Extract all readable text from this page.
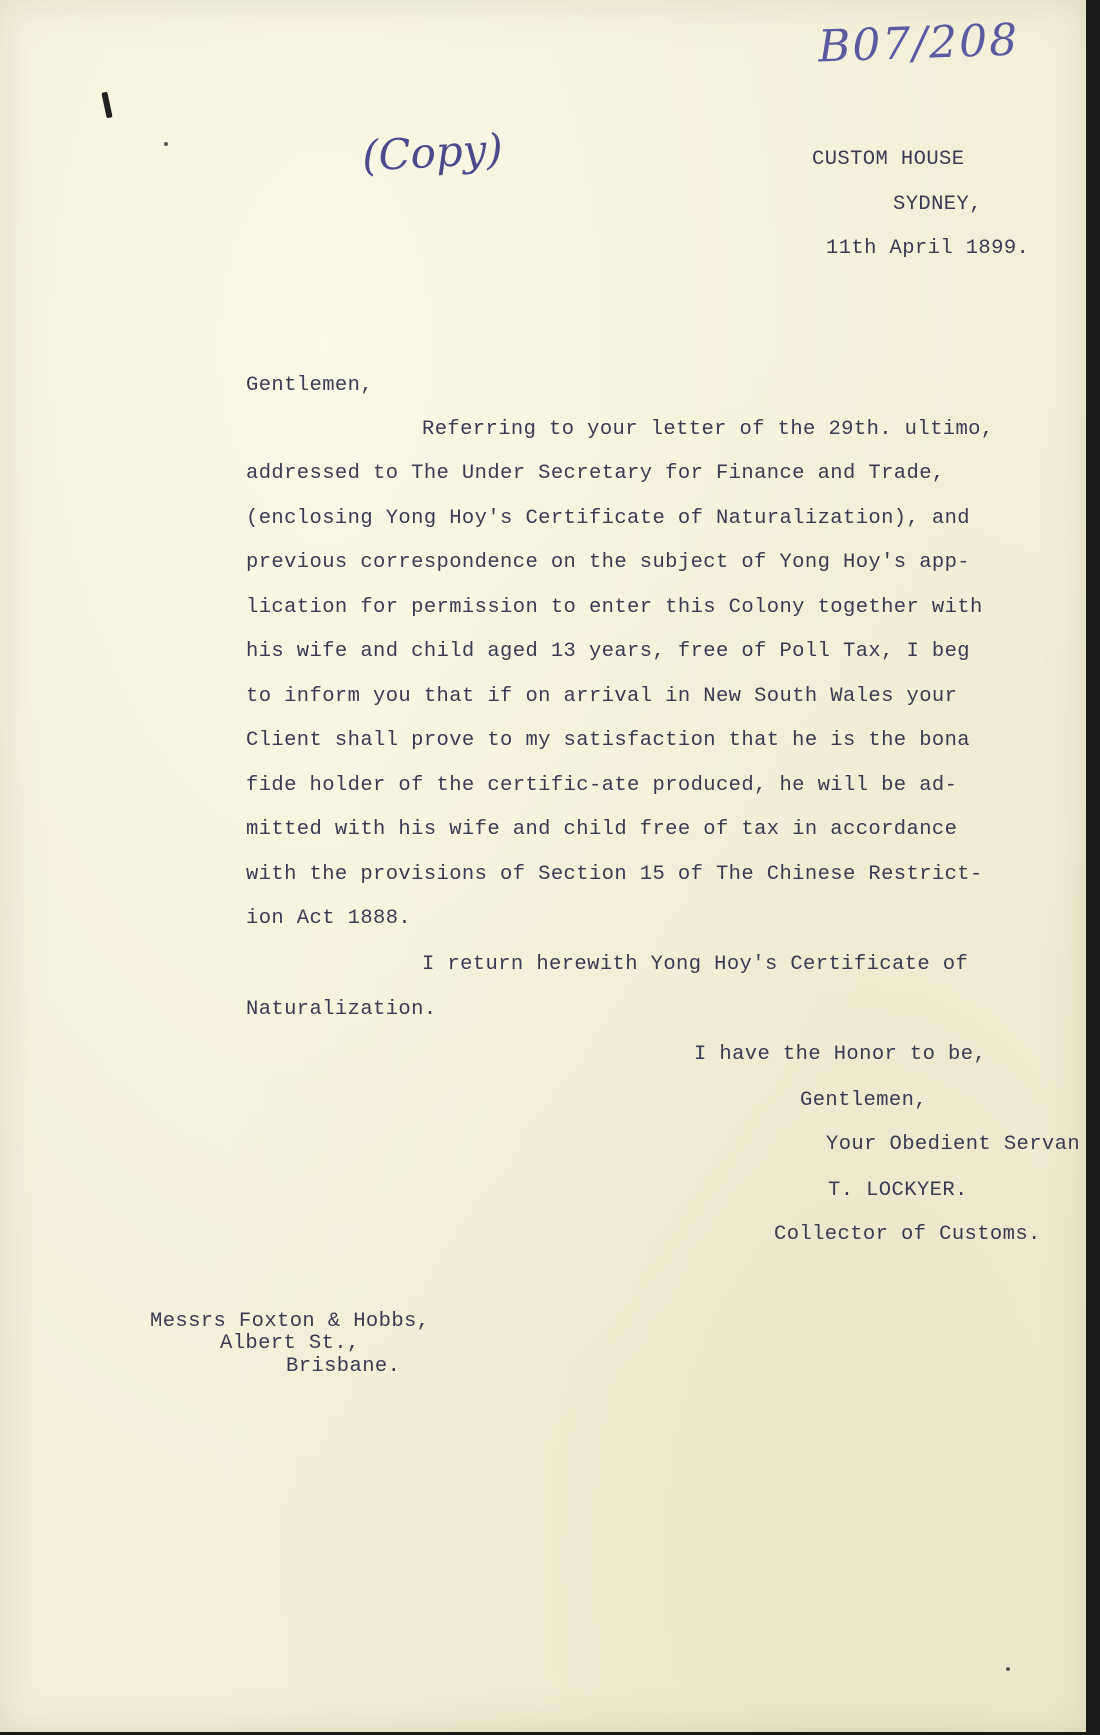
B07/208
(Copy)	CUSTOM HOUSE
SYDNEY,
11th April 1899.
Gentlemen,
Referring to your letter of the 29th. ultimo,
addressed to The Under Secretary for Finance and Trade,
(enclosing Yong Hoy's Certificate of Naturalization), and
previous correspondence on the subject of Yong Hoy's app-
lication for permission to enter this Colony together with
his wife and child aged 13 years, free of Poll Tax, I beg
to inform you that if on arrival in New South Wales your
Client shall prove to my satisfaction that he is the bona
fide holder of the certific-ate produced, he will be ad-
mitted with his wife and child free of tax in accordance
with the provisions of Section 15 of The Chinese Restrict-
ion Act 1888.
I return herewith Yong Hoy's Certificate of
Naturalization.
I have the Honor to be,
Gentlemen,
Your Obedient Servan
T. LOCKYER.
Collector of Customs.
Messrs Foxton & Hobbs,
Albert St.,
Brisbane.
